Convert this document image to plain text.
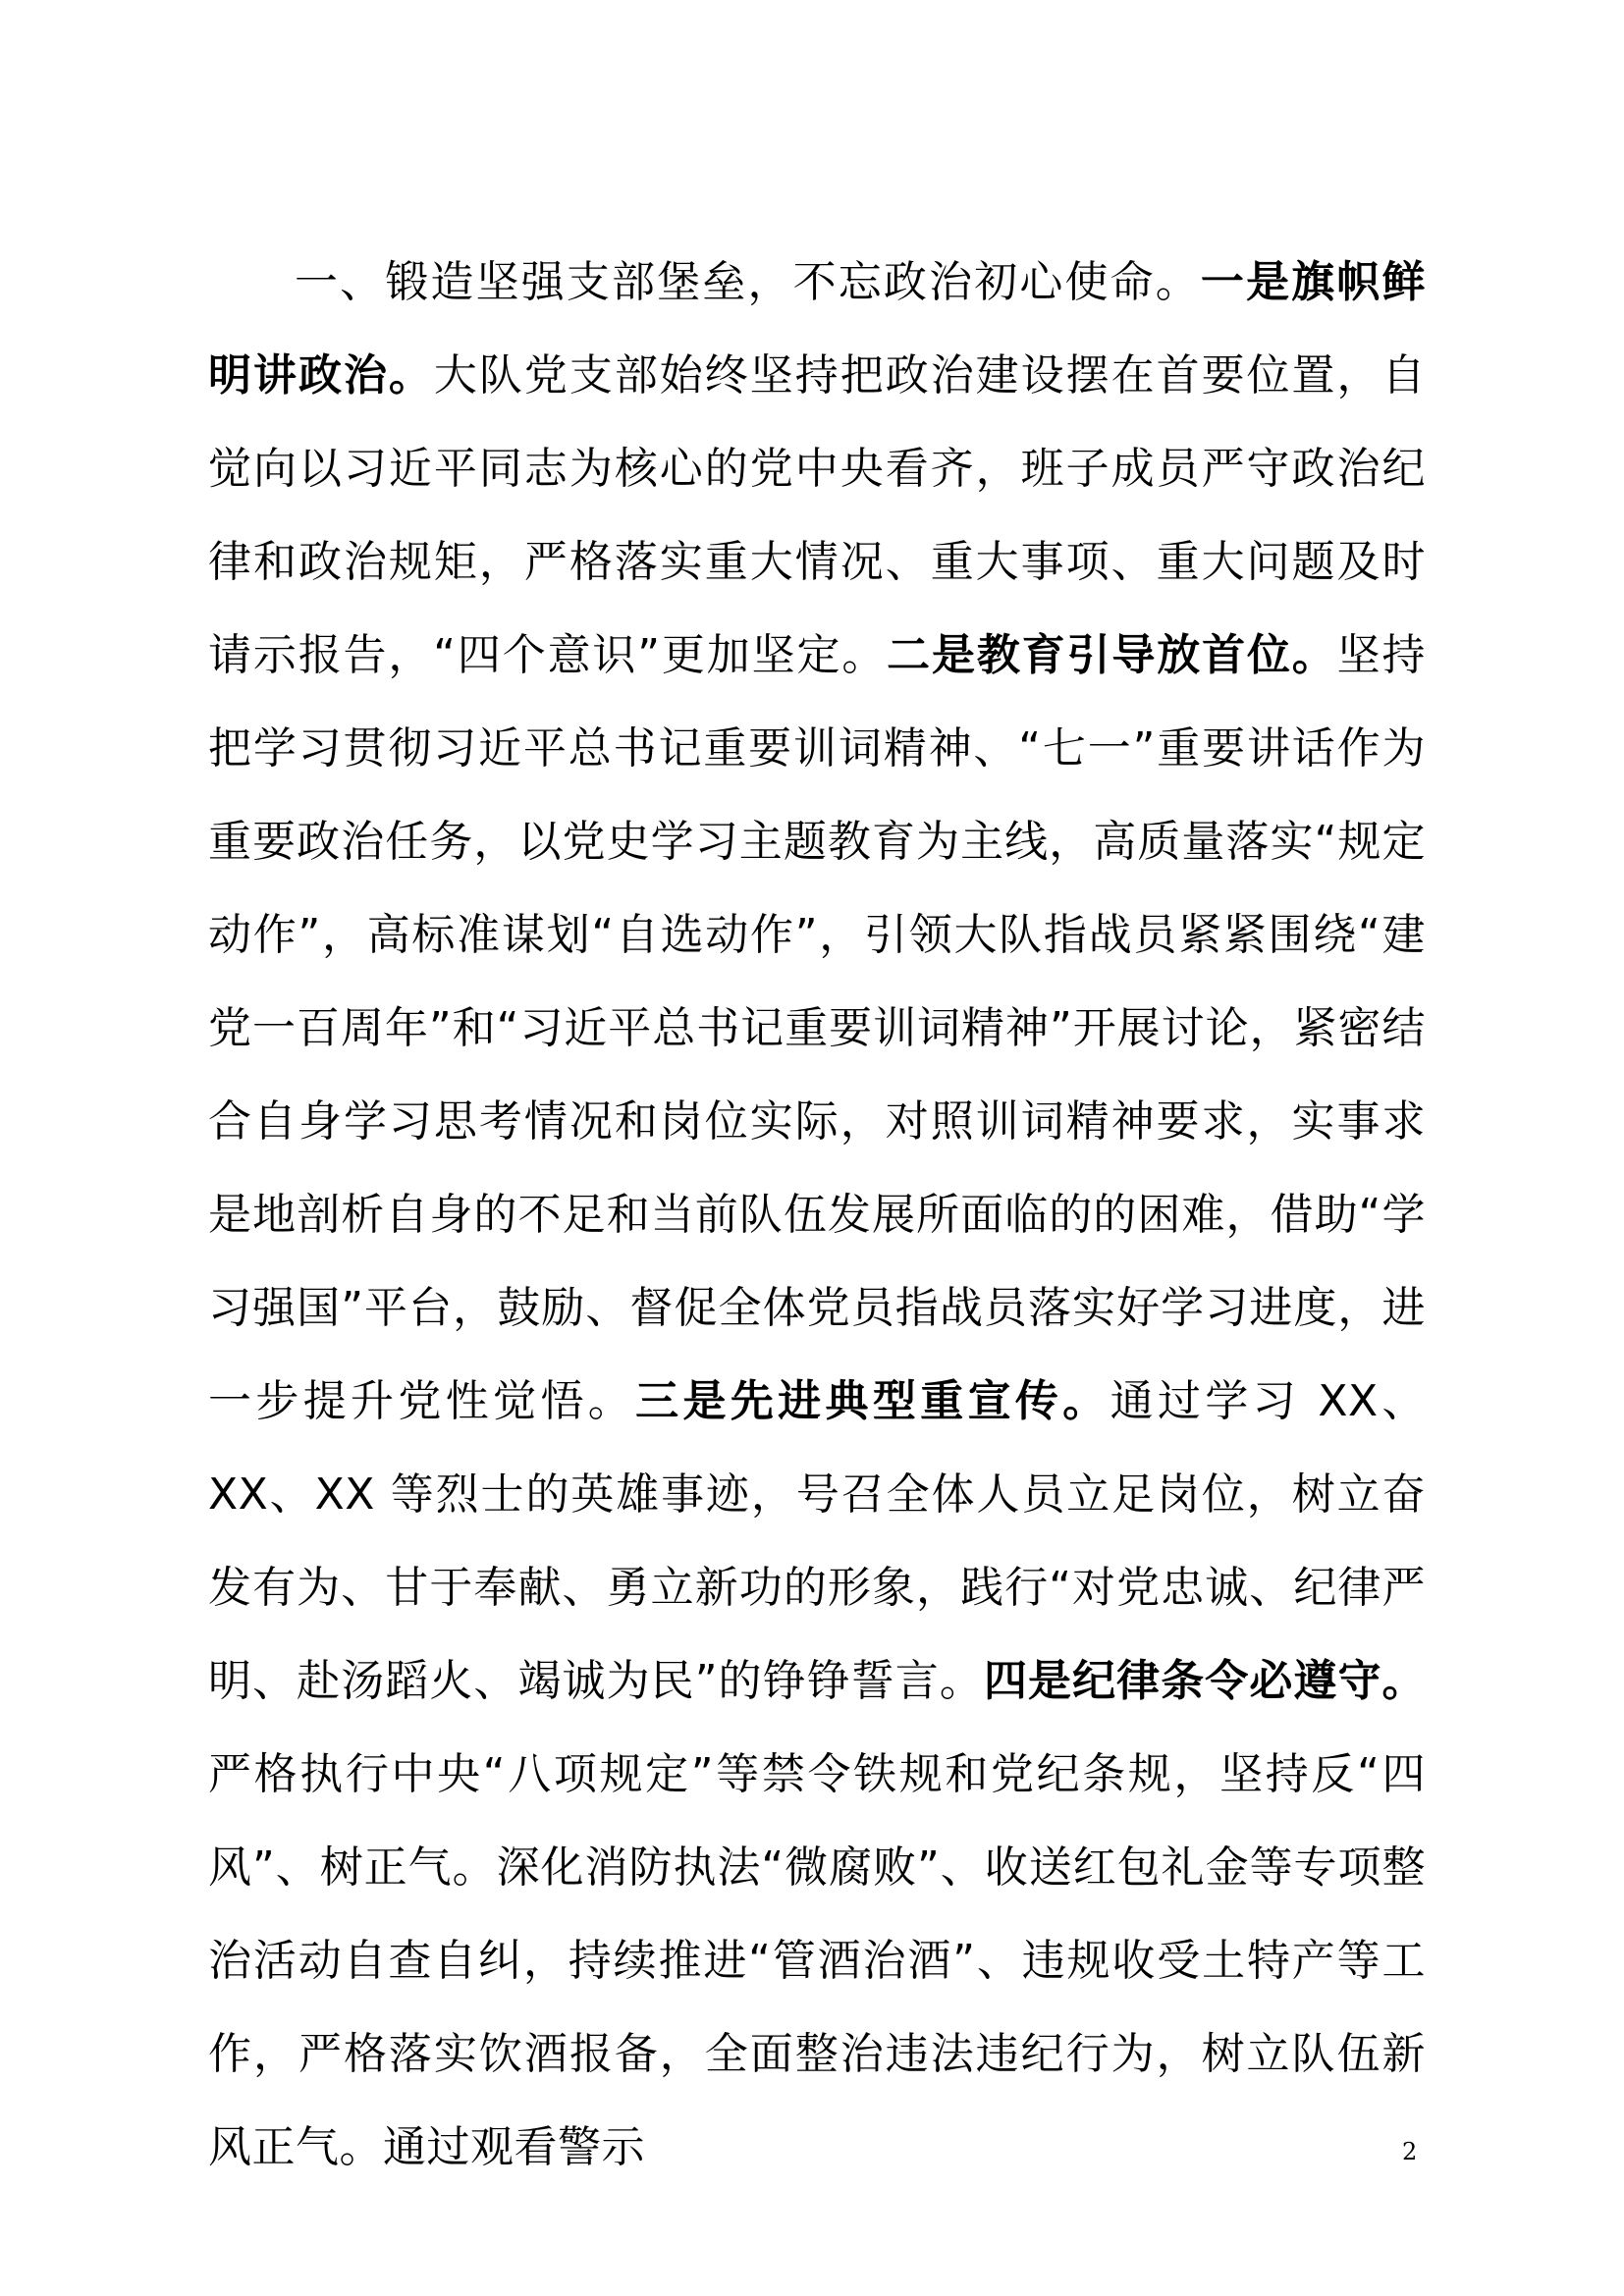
一、锻造坚强支部堡垒，不忘政治初心使命。一是旗帜鲜明讲政治。大队党支部始终坚持把政治建设摆在首要位置，自觉向以习近平同志为核心的党中央看齐，班子成员严守政治纪律和政治规矩，严格落实重大情况、重大事项、重大问题及时请示报告，“四个意识”更加坚定。二是教育引导放首位。坚持把学习贯彻习近平总书记重要训词精神、“七一”重要讲话作为重要政治任务，以党史学习主题教育为主线，高质量落实“规定动作”，高标准谋划“自选动作”，引领大队指战员紧紧围绕“建党一百周年”和“习近平总书记重要训词精神”开展讨论，紧密结合自身学习思考情况和岗位实际，对照训词精神要求，实事求是地剖析自身的不足和当前队伍发展所面临的的困难，借助“学习强国”平台，鼓励、督促全体党员指战员落实好学习进度，进一步提升党性觉悟。三是先进典型重宣传。通过学习 XX、XX、XX 等烈士的英雄事迹，号召全体人员立足岗位，树立奋发有为、甘于奉献、勇立新功的形象，践行“对党忠诚、纪律严明、赴汤蹈火、竭诚为民”的铮铮誓言。四是纪律条令必遵守。严格执行中央“八项规定”等禁令铁规和党纪条规，坚持反“四风”、树正气。深化消防执法“微腐败”、收送红包礼金等专项整治活动自查自纠，持续推进“管酒治酒”、违规收受土特产等工作，严格落实饮酒报备，全面整治违法违纪行为，树立队伍新风正气。通过观看警示	2
